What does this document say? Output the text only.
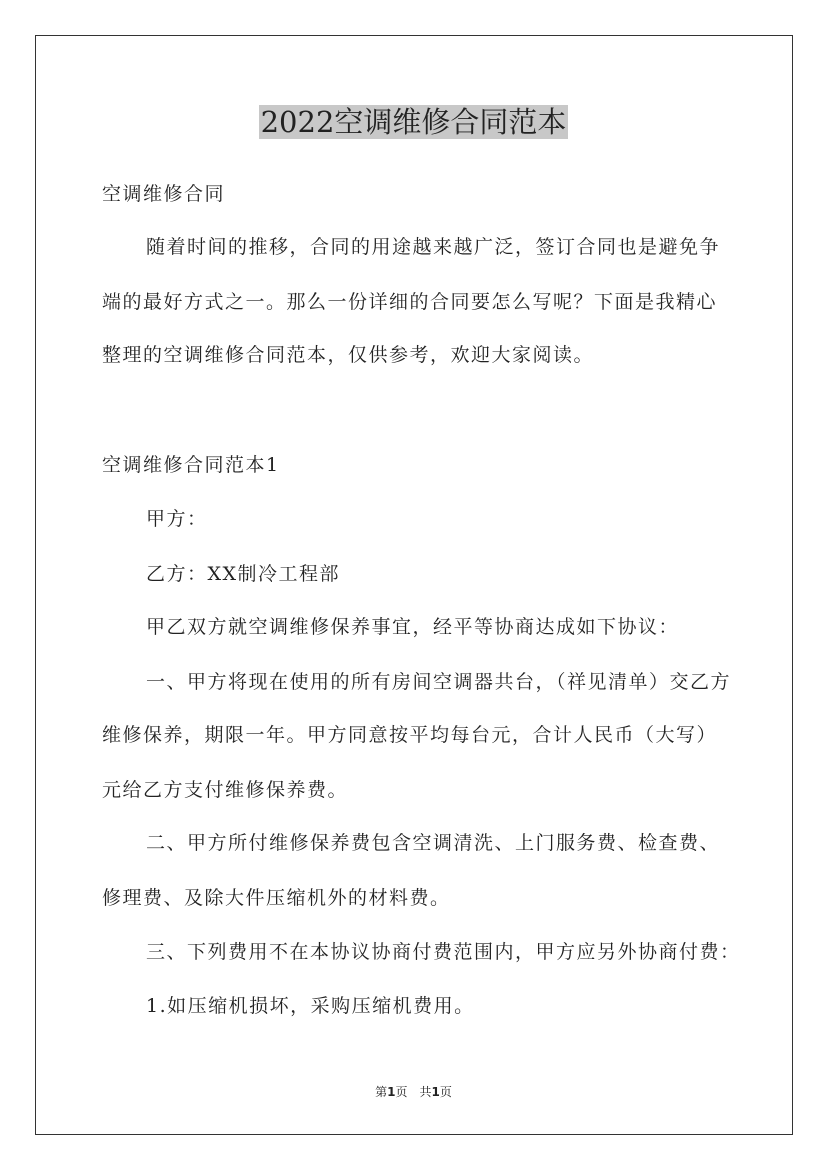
2022空调维修合同范本

空调维修合同

随着时间的推移，合同的用途越来越广泛，签订合同也是避免争

端的最好方式之一。那么一份详细的合同要怎么写呢？下面是我精心

整理的空调维修合同范本，仅供参考，欢迎大家阅读。

空调维修合同范本1

甲方：

乙方：XX制冷工程部

甲乙双方就空调维修保养事宜，经平等协商达成如下协议：

一、甲方将现在使用的所有房间空调器共台，（祥见清单）交乙方

维修保养，期限一年。甲方同意按平均每台元，合计人民币（大写）

元给乙方支付维修保养费。

二、甲方所付维修保养费包含空调清洗、上门服务费、检查费、

修理费、及除大件压缩机外的材料费。

三、下列费用不在本协议协商付费范围内，甲方应另外协商付费：

1.如压缩机损坏，采购压缩机费用。

第1页　共1页
